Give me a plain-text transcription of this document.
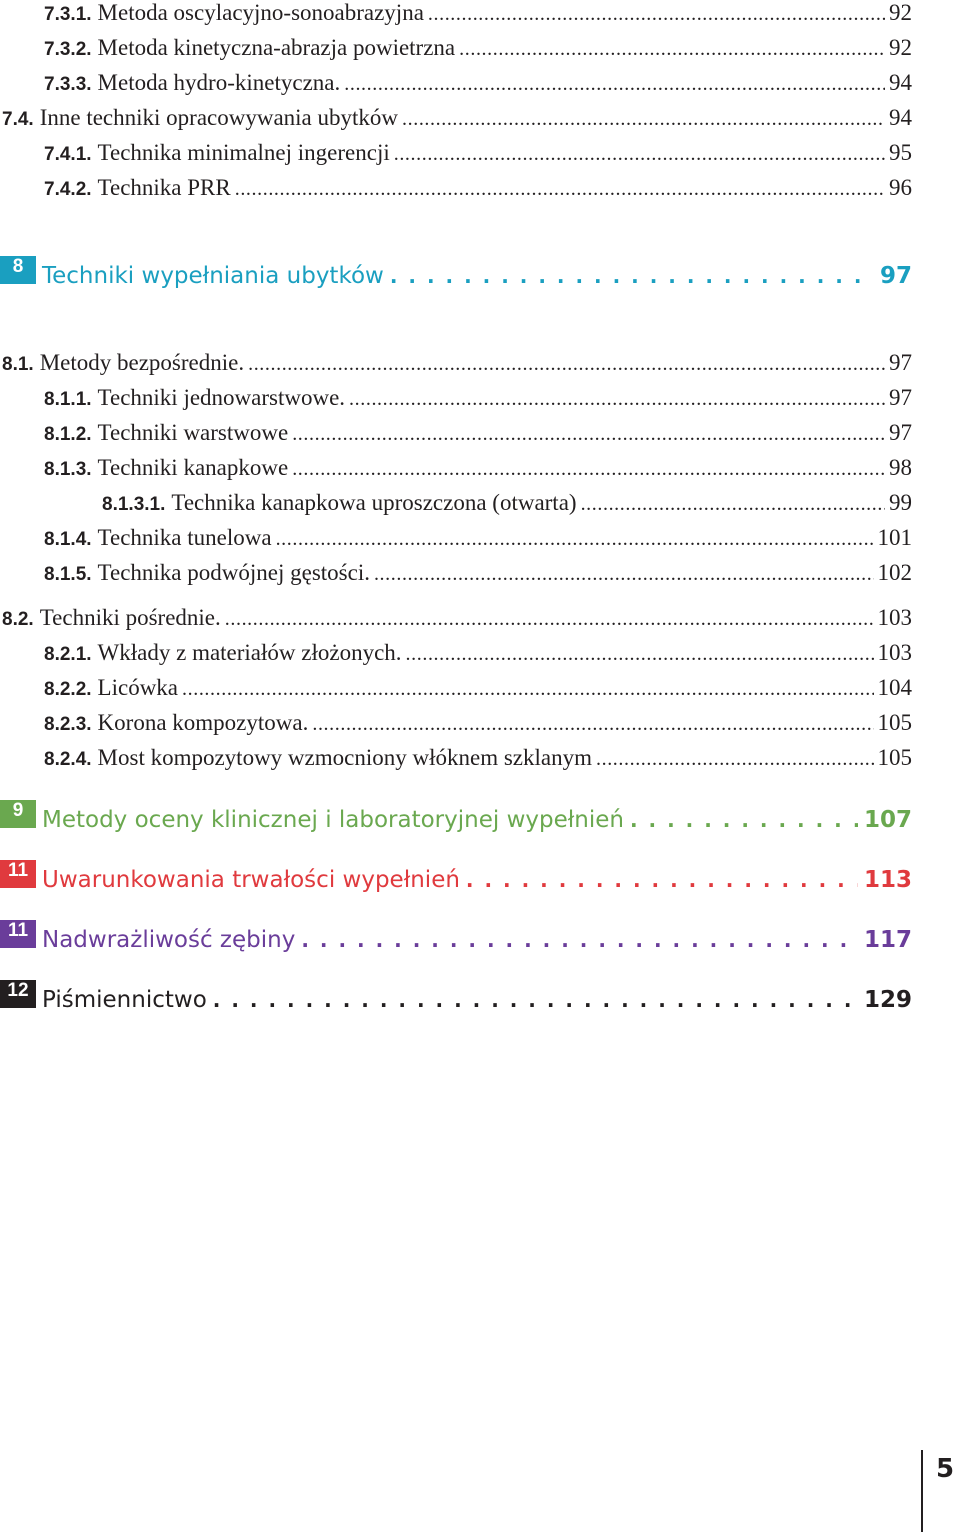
7.3.1. Metoda oscylacyjno-sonoabrazyjna . . .	92
7.3.2. Metoda kinetyczna-abrazja powietrzna . . .	92
7.3.3. Metoda hydro-kinetyczna. . . .	94
7.4. Inne techniki opracowywania ubytków . . .	94
7.4.1. Technika minimalnej ingerencji . . .	95
7.4.2. Technika PRR . . .	96
8 Techniki wypełniania ubytków . . .	97
8.1. Metody bezpośrednie. . . .	97
8.1.1. Techniki jednowarstwowe. . . .	97
8.1.2. Techniki warstwowe . . .	97
8.1.3. Techniki kanapkowe . . .	98
8.1.3.1. Technika kanapkowa uproszczona (otwarta) . . .	99
8.1.4. Technika tunelowa . . .	101
8.1.5. Technika podwójnej gęstości. . . .	102
8.2. Techniki pośrednie. . . .	103
8.2.1. Wkłady z materiałów złożonych. . . .	103
8.2.2. Licówka . . .	104
8.2.3. Korona kompozytowa. . . .	105
8.2.4. Most kompozytowy wzmocniony włóknem szklanym . . .	105
9 Metody oceny klinicznej i laboratoryjnej wypełnień . . .	107
11 Uwarunkowania trwałości wypełnień . . .	113
11 Nadwrażliwość zębiny . . .	117
12 Piśmiennictwo . . .	129
5
